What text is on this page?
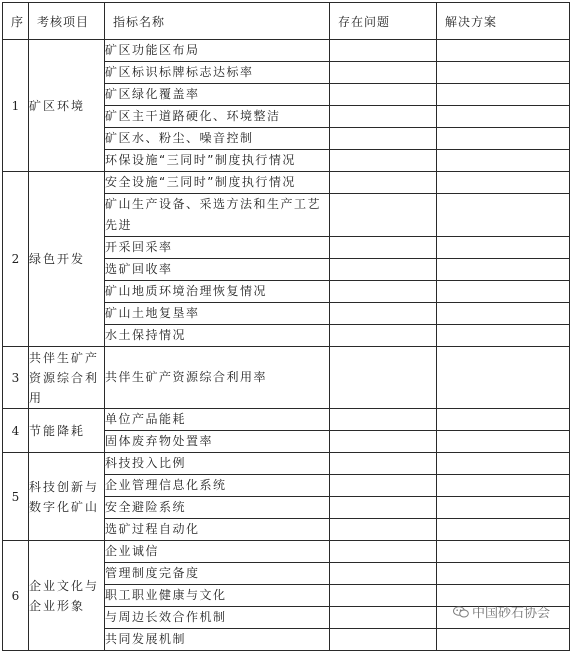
序	考核项目	指标名称	存在问题	解决方案
1	矿区环境	矿区功能区布局		
		矿区标识标牌标志达标率		
		矿区绿化覆盖率		
		矿区主干道路硬化、环境整洁		
		矿区水、粉尘、噪音控制		
		环保设施“三同时”制度执行情况		
2	绿色开发	安全设施“三同时”制度执行情况		
		矿山生产设备、采选方法和生产工艺先进		
		开采回采率		
		选矿回收率		
		矿山地质环境治理恢复情况		
		矿山土地复垦率		
		水土保持情况		
3	共伴生矿产资源综合利用	共伴生矿产资源综合利用率		
4	节能降耗	单位产品能耗		
		固体废弃物处置率		
5	科技创新与数字化矿山	科技投入比例		
		企业管理信息化系统		
		安全避险系统		
		选矿过程自动化		
6	企业文化与企业形象	企业诚信		
		管理制度完备度		
		职工职业健康与文化		
		与周边长效合作机制		
		共同发展机制		
中国砂石协会
